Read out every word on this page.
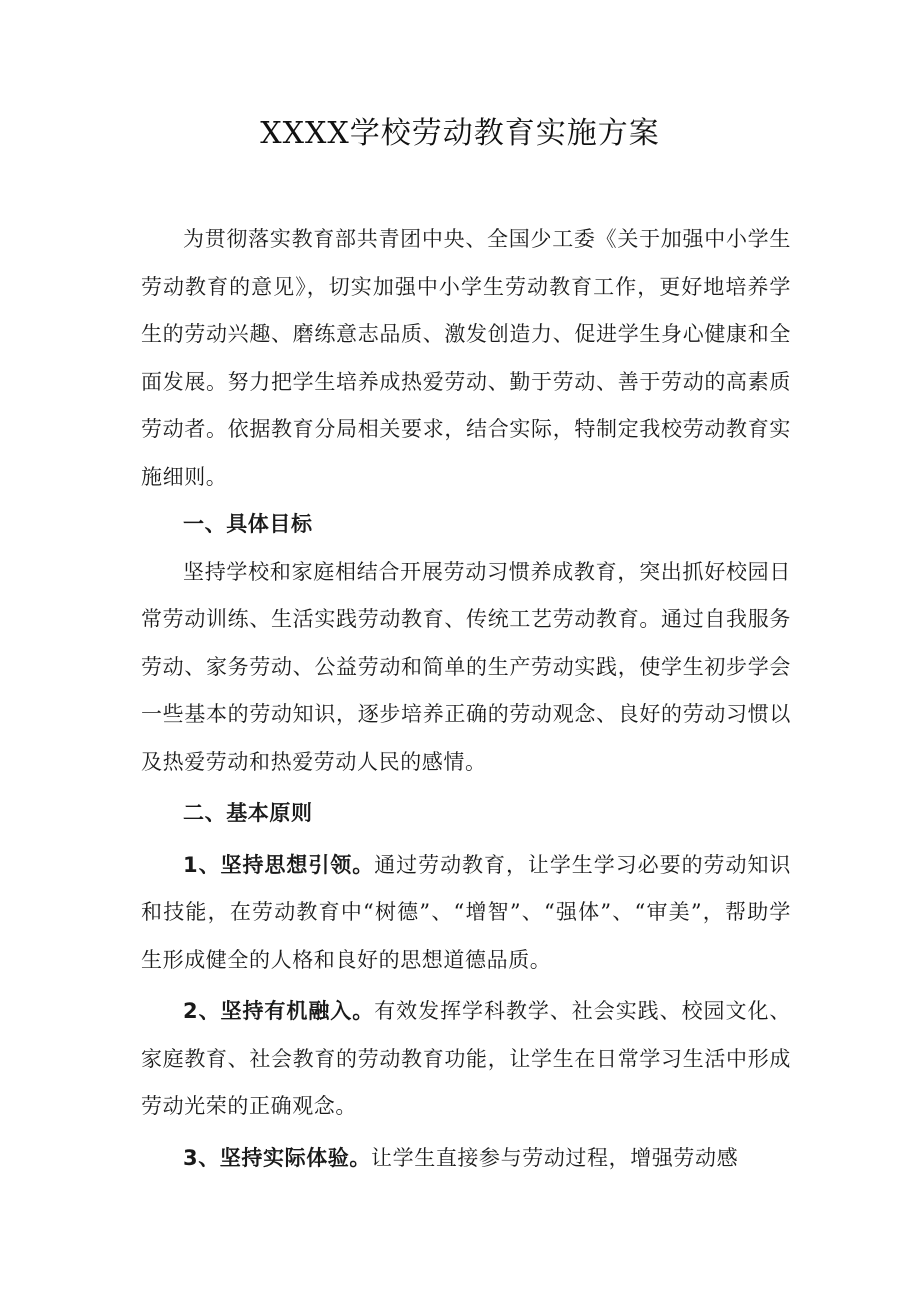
XXXX学校劳动教育实施方案

为贯彻落实教育部共青团中央、全国少工委《关于加强中小学生劳动教育的意见》，切实加强中小学生劳动教育工作，更好地培养学生的劳动兴趣、磨练意志品质、激发创造力、促进学生身心健康和全面发展。努力把学生培养成热爱劳动、勤于劳动、善于劳动的高素质劳动者。依据教育分局相关要求，结合实际，特制定我校劳动教育实施细则。

一、具体目标

坚持学校和家庭相结合开展劳动习惯养成教育，突出抓好校园日常劳动训练、生活实践劳动教育、传统工艺劳动教育。通过自我服务劳动、家务劳动、公益劳动和简单的生产劳动实践，使学生初步学会一些基本的劳动知识，逐步培养正确的劳动观念、良好的劳动习惯以及热爱劳动和热爱劳动人民的感情。

二、基本原则

1、坚持思想引领。通过劳动教育，让学生学习必要的劳动知识和技能，在劳动教育中“树德”、“增智”、“强体”、“审美”，帮助学生形成健全的人格和良好的思想道德品质。

2、坚持有机融入。有效发挥学科教学、社会实践、校园文化、家庭教育、社会教育的劳动教育功能，让学生在日常学习生活中形成劳动光荣的正确观念。

3、坚持实际体验。让学生直接参与劳动过程，增强劳动感
